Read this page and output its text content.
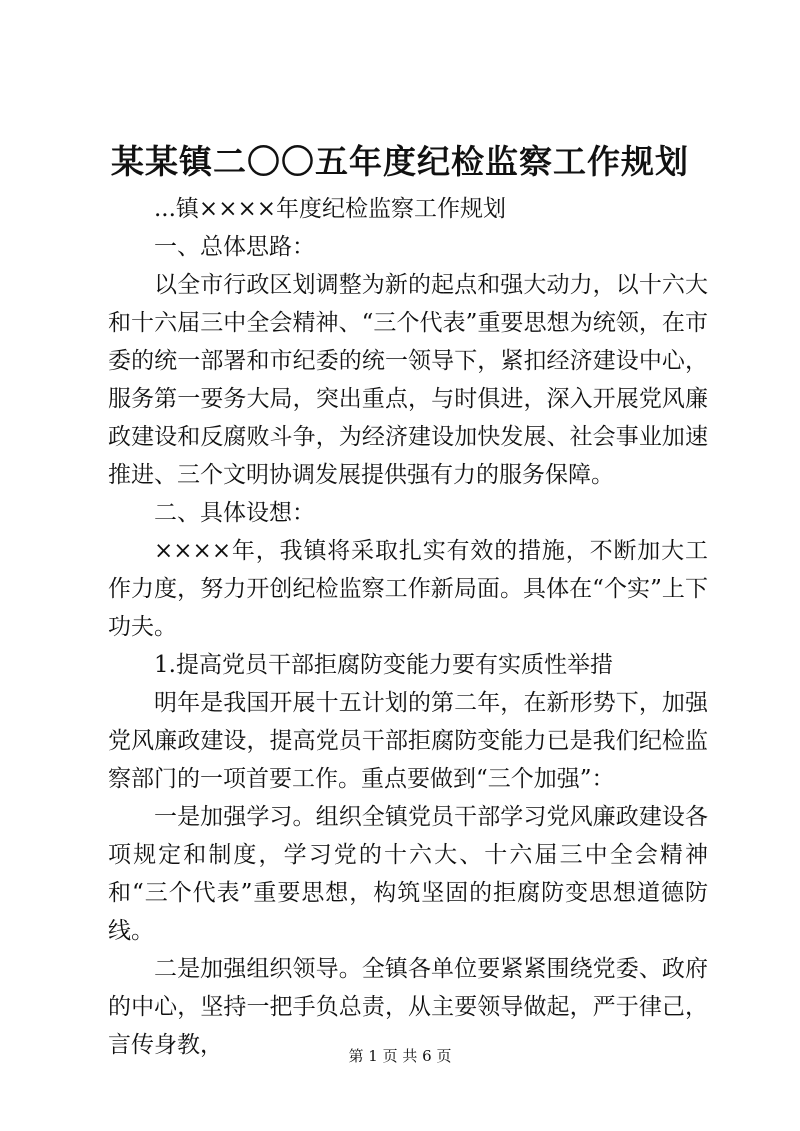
某某镇二〇〇五年度纪检监察工作规划

...镇××××年度纪检监察工作规划

一、总体思路：

以全市行政区划调整为新的起点和强大动力，以十六大和十六届三中全会精神、“三个代表”重要思想为统领，在市委的统一部署和市纪委的统一领导下，紧扣经济建设中心，服务第一要务大局，突出重点，与时俱进，深入开展党风廉政建设和反腐败斗争，为经济建设加快发展、社会事业加速推进、三个文明协调发展提供强有力的服务保障。

二、具体设想：

××××年，我镇将采取扎实有效的措施，不断加大工作力度，努力开创纪检监察工作新局面。具体在“个实”上下功夫。

1.提高党员干部拒腐防变能力要有实质性举措

明年是我国开展十五计划的第二年，在新形势下，加强党风廉政建设，提高党员干部拒腐防变能力已是我们纪检监察部门的一项首要工作。重点要做到“三个加强”：

一是加强学习。组织全镇党员干部学习党风廉政建设各项规定和制度，学习党的十六大、十六届三中全会精神和“三个代表”重要思想，构筑坚固的拒腐防变思想道德防线。

二是加强组织领导。全镇各单位要紧紧围绕党委、政府的中心，坚持一把手负总责，从主要领导做起，严于律己，言传身教，	第 1 页 共 6 页
